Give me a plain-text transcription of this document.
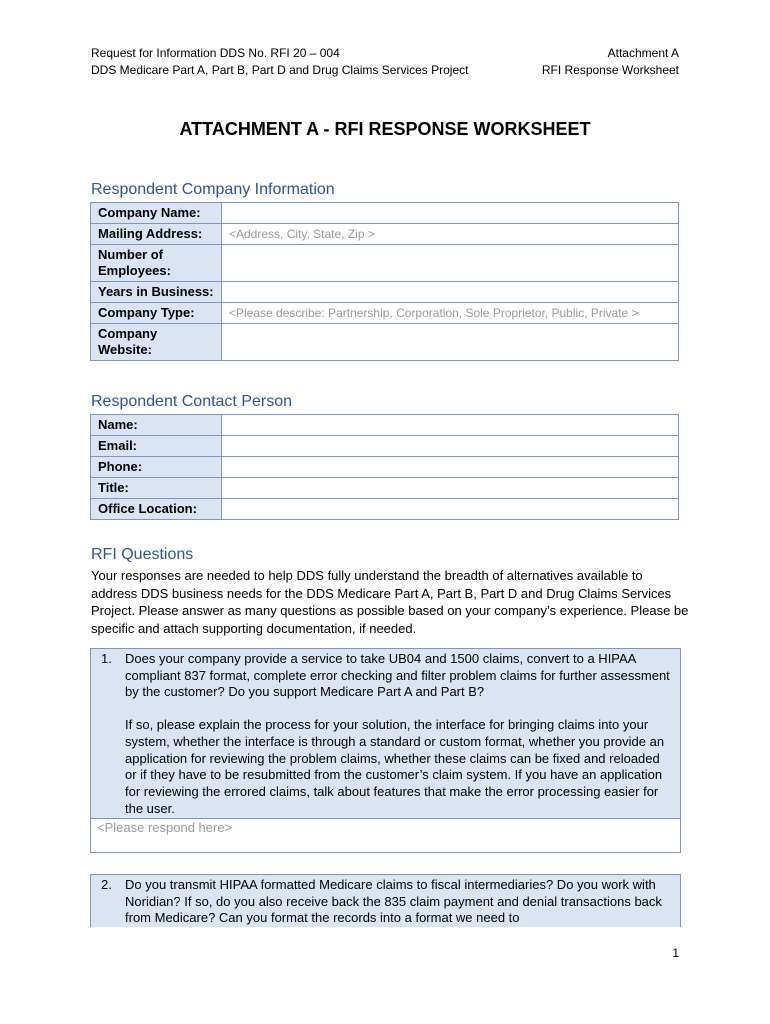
Request for Information DDS No. RFI 20 – 004
DDS Medicare Part A, Part B, Part D and Drug Claims Services Project
Attachment A
RFI Response Worksheet
ATTACHMENT A - RFI RESPONSE WORKSHEET
Respondent Company Information
Company Name:	
Mailing Address:	<Address, City, State, Zip >
Number of Employees:	
Years in Business:	
Company Type:	<Please describe: Partnership, Corporation, Sole Proprietor, Public, Private >
Company Website:	
Respondent Contact Person
Name:	
Email:	
Phone:	
Title:	
Office Location:	
RFI Questions
Your responses are needed to help DDS fully understand the breadth of alternatives available to address DDS business needs for the DDS Medicare Part A, Part B, Part D and Drug Claims Services Project. Please answer as many questions as possible based on your company’s experience. Please be specific and attach supporting documentation, if needed.
1. Does your company provide a service to take UB04 and 1500 claims, convert to a HIPAA compliant 837 format, complete error checking and filter problem claims for further assessment by the customer? Do you support Medicare Part A and Part B?

If so, please explain the process for your solution, the interface for bringing claims into your system, whether the interface is through a standard or custom format, whether you provide an application for reviewing the problem claims, whether these claims can be fixed and reloaded or if they have to be resubmitted from the customer’s claim system. If you have an application for reviewing the errored claims, talk about features that make the error processing easier for the user.

<Please respond here>
2. Do you transmit HIPAA formatted Medicare claims to fiscal intermediaries? Do you work with Noridian? If so, do you also receive back the 835 claim payment and denial transactions back from Medicare? Can you format the records into a format we need to

1
